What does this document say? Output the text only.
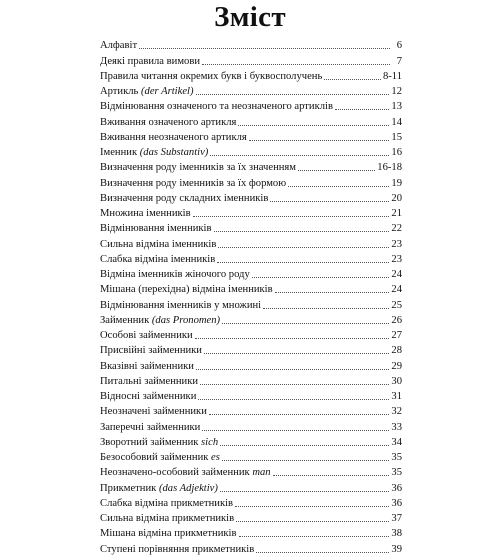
Зміст
Алфавіт	6
Деякі правила вимови	7
Правила читання окремих букв і буквосполучень	8-11
Артикль (der Artikel)	12
Відмінювання означеного та неозначеного артиклів	13
Вживання означеного артикля	14
Вживання неозначеного артикля	15
Іменник (das Substantiv)	16
Визначення роду іменників за їх значенням	16-18
Визначення роду іменників за їх формою	19
Визначення роду складних іменників	20
Множина іменників	21
Відмінювання іменників	22
Сильна відміна іменників	23
Слабка відміна іменників	23
Відміна іменників жіночого роду	24
Мішана (перехідна) відміна іменників	24
Відмінювання іменників у множині	25
Займенник (das Pronomen)	26
Особові займенники	27
Присвійні займенники	28
Вказівні займенники	29
Питальні займенники	30
Відносні займенники	31
Неозначені займенники	32
Заперечні займенники	33
Зворотний займенник sich	34
Безособовий займенник es	35
Неозначено-особовий займенник man	35
Прикметник (das Adjektiv)	36
Слабка відміна прикметників	36
Сильна відміна прикметників	37
Мішана відміна прикметників	38
Ступені порівняння прикметників	39
